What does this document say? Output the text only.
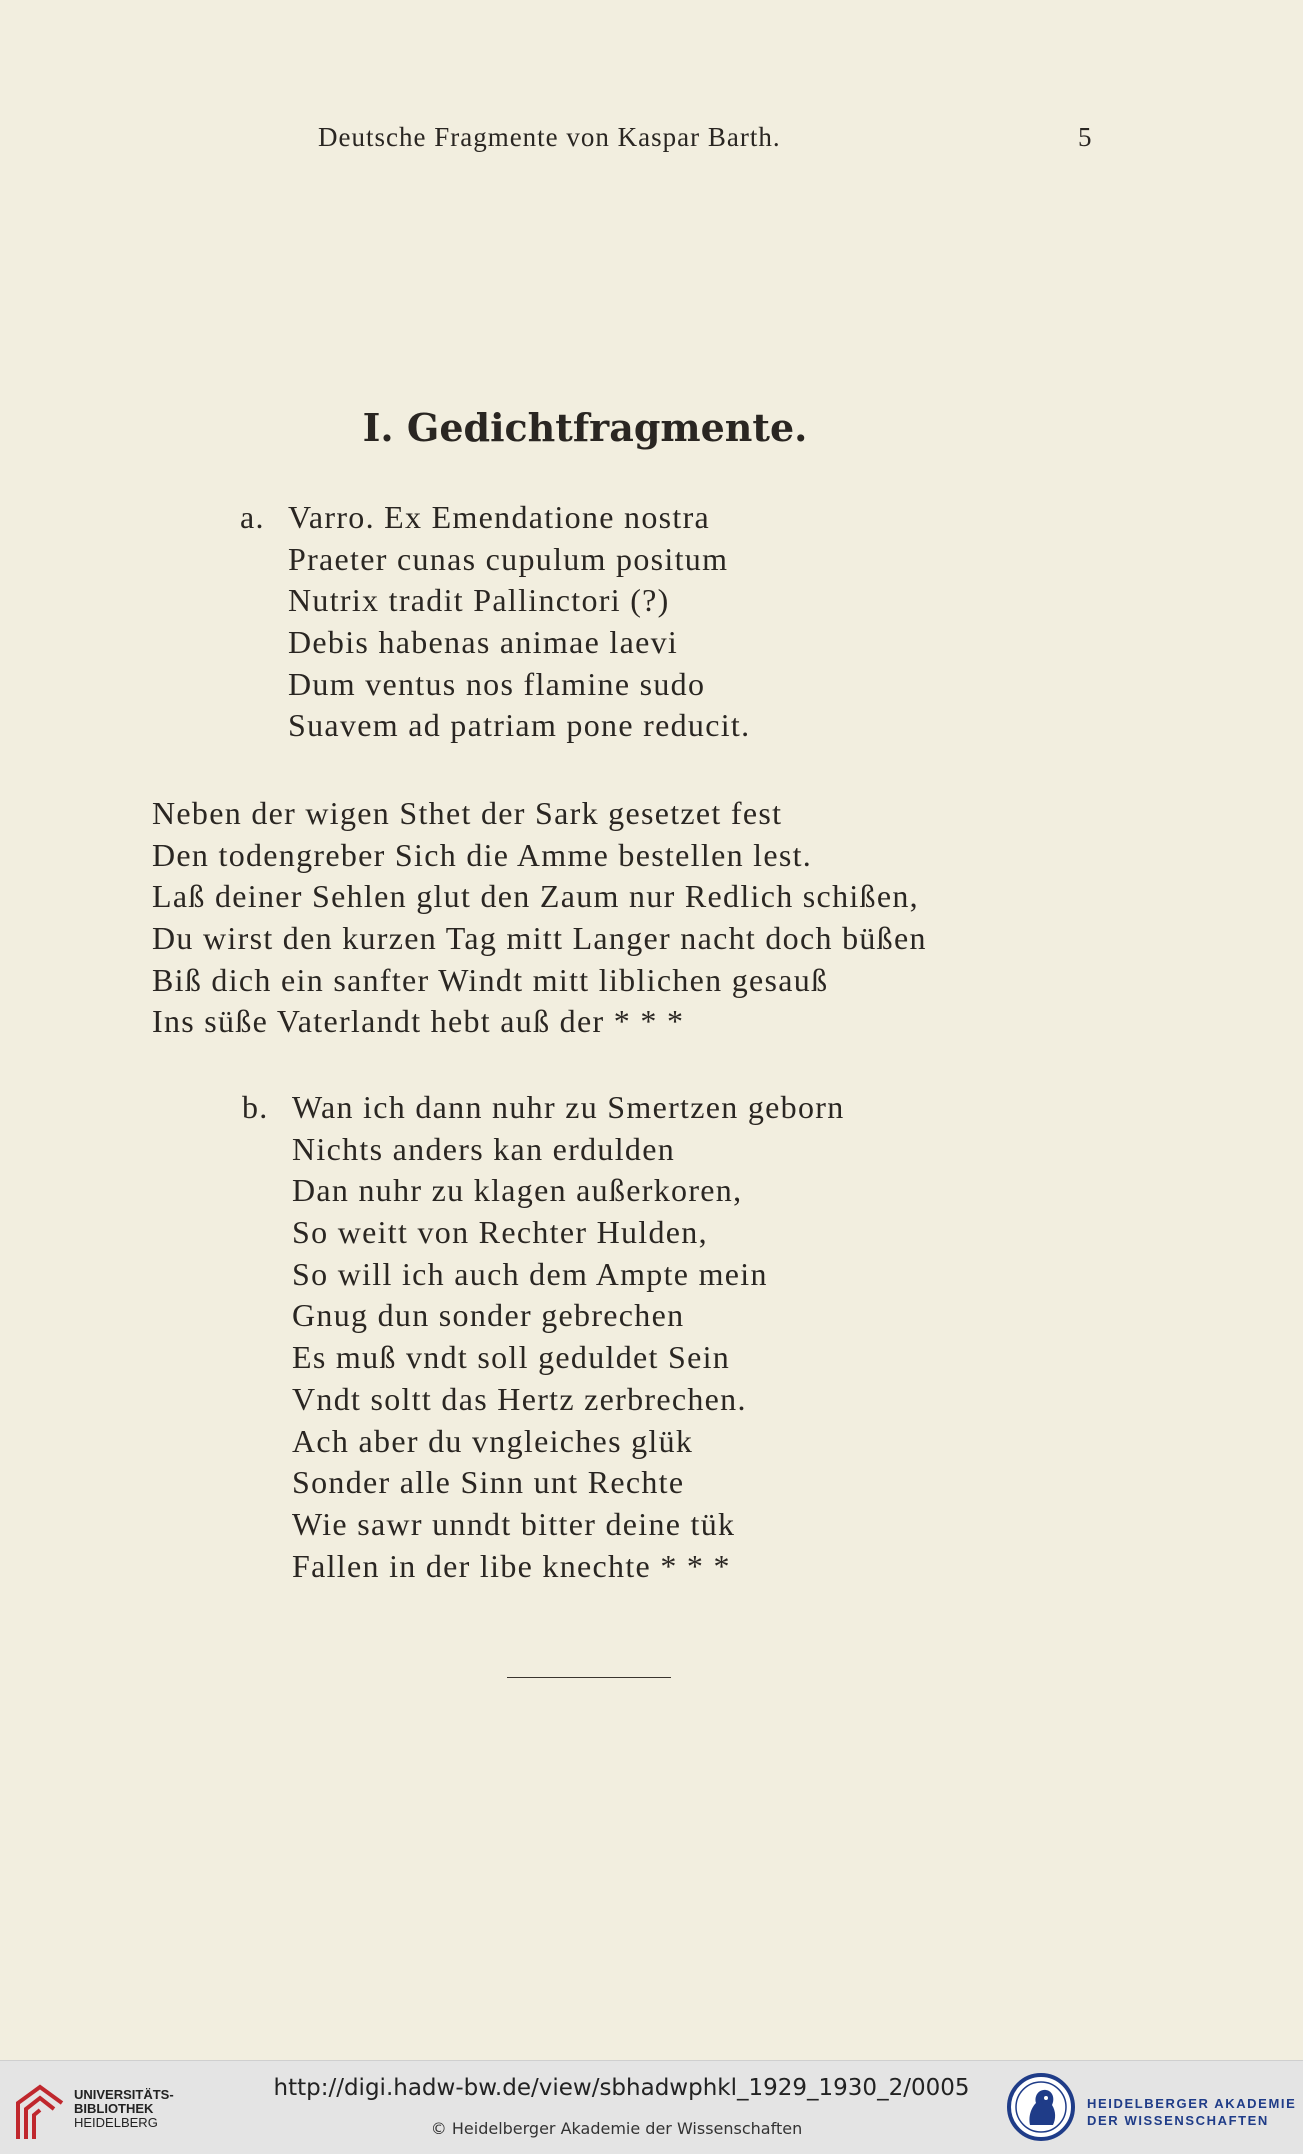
Deutsche Fragmente von Kaspar Barth.	5
I. Gedichtfragmente.
a. Varro. Ex Emendatione nostra
Praeter cunas cupulum positum
Nutrix tradit Pallinctori (?)
Debis habenas animae laevi
Dum ventus nos flamine sudo
Suavem ad patriam pone reducit.
Neben der wigen Sthet der Sark gesetzet fest
Den todengreber Sich die Amme bestellen lest.
Laß deiner Sehlen glut den Zaum nur Redlich schißen,
Du wirst den kurzen Tag mitt Langer nacht doch büßen
Biß dich ein sanfter Windt mitt liblichen gesauß
Ins süße Vaterlandt hebt auß der * * *
b. Wan ich dann nuhr zu Smertzen geborn
Nichts anders kan erdulden
Dan nuhr zu klagen außerkoren,
So weitt von Rechter Hulden,
So will ich auch dem Ampte mein
Gnug dun sonder gebrechen
Es muß vndt soll geduldet Sein
Vndt soltt das Hertz zerbrechen.
Ach aber du vngleiches glük
Sonder alle Sinn unt Rechte
Wie sawr unndt bitter deine tük
Fallen in der libe knechte * * *
UNIVERSITÄTS-
BIBLIOTHEK
HEIDELBERG
http://digi.hadw-bw.de/view/sbhadwphkl_1929_1930_2/0005
© Heidelberger Akademie der Wissenschaften
HEIDELBERGER AKADEMIE
DER WISSENSCHAFTEN
